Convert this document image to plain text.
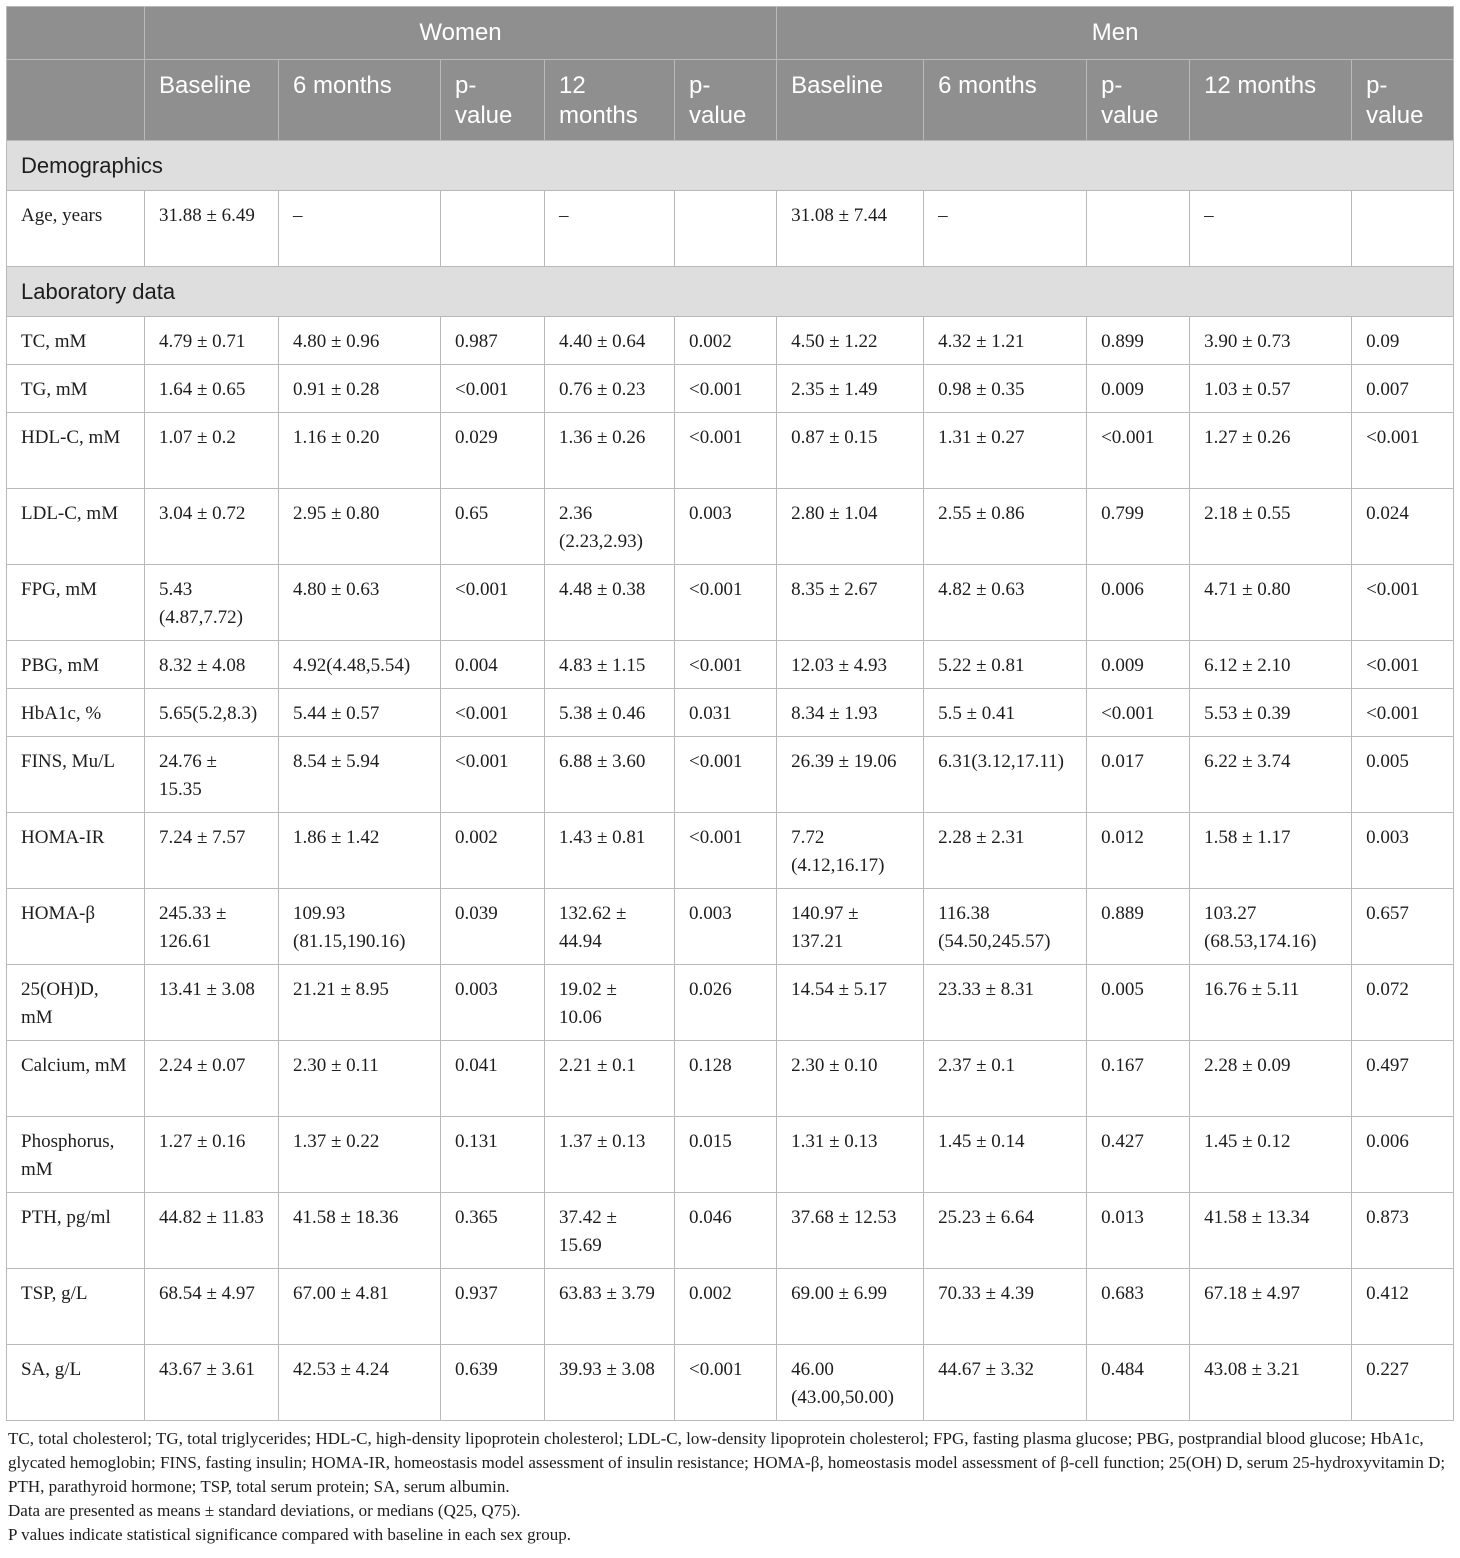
	Women					Men				
	Baseline	6 months	p-value	12 months	p-value	Baseline	6 months	p-value	12 months	p-value
Demographics										
Age, years	31.88 ± 6.49	–		–		31.08 ± 7.44	–		–	
Laboratory data										
TC, mM	4.79 ± 0.71	4.80 ± 0.96	0.987	4.40 ± 0.64	0.002	4.50 ± 1.22	4.32 ± 1.21	0.899	3.90 ± 0.73	0.09
TG, mM	1.64 ± 0.65	0.91 ± 0.28	<0.001	0.76 ± 0.23	<0.001	2.35 ± 1.49	0.98 ± 0.35	0.009	1.03 ± 0.57	0.007
HDL-C, mM	1.07 ± 0.2	1.16 ± 0.20	0.029	1.36 ± 0.26	<0.001	0.87 ± 0.15	1.31 ± 0.27	<0.001	1.27 ± 0.26	<0.001
LDL-C, mM	3.04 ± 0.72	2.95 ± 0.80	0.65	2.36 (2.23,2.93)	0.003	2.80 ± 1.04	2.55 ± 0.86	0.799	2.18 ± 0.55	0.024
FPG, mM	5.43 (4.87,7.72)	4.80 ± 0.63	<0.001	4.48 ± 0.38	<0.001	8.35 ± 2.67	4.82 ± 0.63	0.006	4.71 ± 0.80	<0.001
PBG, mM	8.32 ± 4.08	4.92(4.48,5.54)	0.004	4.83 ± 1.15	<0.001	12.03 ± 4.93	5.22 ± 0.81	0.009	6.12 ± 2.10	<0.001
HbA1c, %	5.65(5.2,8.3)	5.44 ± 0.57	<0.001	5.38 ± 0.46	0.031	8.34 ± 1.93	5.5 ± 0.41	<0.001	5.53 ± 0.39	<0.001
FINS, Mu/L	24.76 ± 15.35	8.54 ± 5.94	<0.001	6.88 ± 3.60	<0.001	26.39 ± 19.06	6.31(3.12,17.11)	0.017	6.22 ± 3.74	0.005
HOMA-IR	7.24 ± 7.57	1.86 ± 1.42	0.002	1.43 ± 0.81	<0.001	7.72 (4.12,16.17)	2.28 ± 2.31	0.012	1.58 ± 1.17	0.003
HOMA-β	245.33 ± 126.61	109.93 (81.15,190.16)	0.039	132.62 ± 44.94	0.003	140.97 ± 137.21	116.38 (54.50,245.57)	0.889	103.27 (68.53,174.16)	0.657
25(OH)D, mM	13.41 ± 3.08	21.21 ± 8.95	0.003	19.02 ± 10.06	0.026	14.54 ± 5.17	23.33 ± 8.31	0.005	16.76 ± 5.11	0.072
Calcium, mM	2.24 ± 0.07	2.30 ± 0.11	0.041	2.21 ± 0.1	0.128	2.30 ± 0.10	2.37 ± 0.1	0.167	2.28 ± 0.09	0.497
Phosphorus, mM	1.27 ± 0.16	1.37 ± 0.22	0.131	1.37 ± 0.13	0.015	1.31 ± 0.13	1.45 ± 0.14	0.427	1.45 ± 0.12	0.006
PTH, pg/ml	44.82 ± 11.83	41.58 ± 18.36	0.365	37.42 ± 15.69	0.046	37.68 ± 12.53	25.23 ± 6.64	0.013	41.58 ± 13.34	0.873
TSP, g/L	68.54 ± 4.97	67.00 ± 4.81	0.937	63.83 ± 3.79	0.002	69.00 ± 6.99	70.33 ± 4.39	0.683	67.18 ± 4.97	0.412
SA, g/L	43.67 ± 3.61	42.53 ± 4.24	0.639	39.93 ± 3.08	<0.001	46.00 (43.00,50.00)	44.67 ± 3.32	0.484	43.08 ± 3.21	0.227
TC, total cholesterol; TG, total triglycerides; HDL-C, high-density lipoprotein cholesterol; LDL-C, low-density lipoprotein cholesterol; FPG, fasting plasma glucose; PBG, postprandial blood glucose; HbA1c, glycated hemoglobin; FINS, fasting insulin; HOMA-IR, homeostasis model assessment of insulin resistance; HOMA-β, homeostasis model assessment of β-cell function; 25(OH) D, serum 25-hydroxyvitamin D; PTH, parathyroid hormone; TSP, total serum protein; SA, serum albumin.
Data are presented as means ± standard deviations, or medians (Q25, Q75).
P values indicate statistical significance compared with baseline in each sex group.
